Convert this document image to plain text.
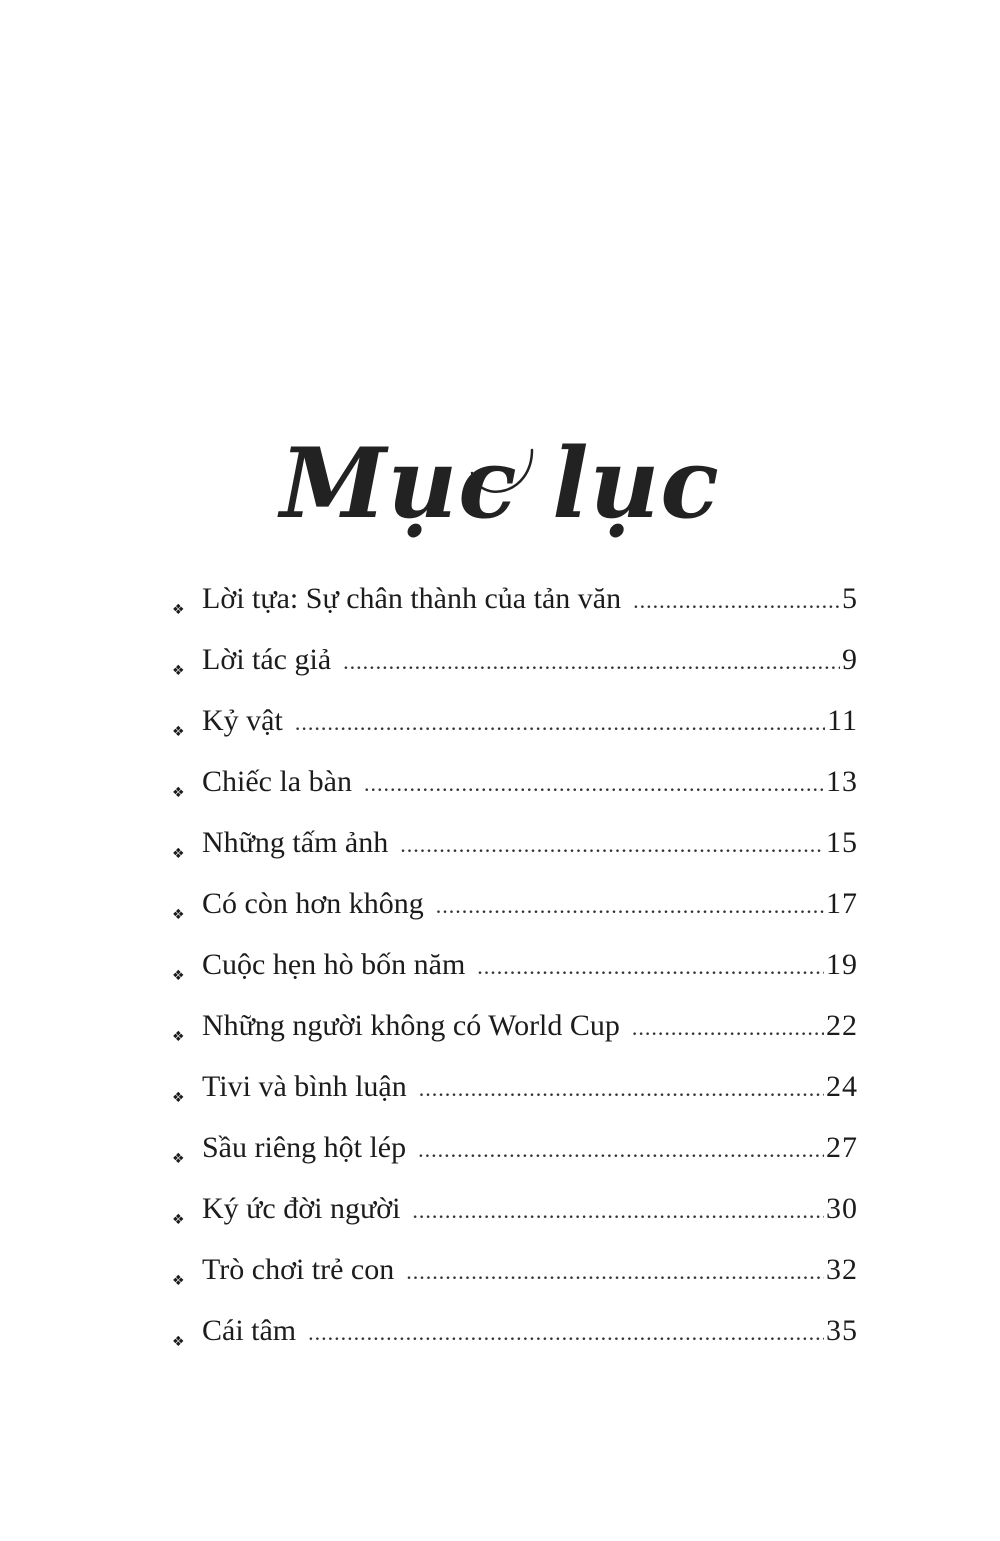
Mục lục
❖ Lời tựa: Sự chân thành của tản văn .....	5
❖ Lời tác giả .....	9
❖ Kỷ vật .....	11
❖ Chiếc la bàn .....	13
❖ Những tấm ảnh .....	15
❖ Có còn hơn không .....	17
❖ Cuộc hẹn hò bốn năm .....	19
❖ Những người không có World Cup .....	22
❖ Tivi và bình luận .....	24
❖ Sầu riêng hột lép .....	27
❖ Ký ức đời người .....	30
❖ Trò chơi trẻ con .....	32
❖ Cái tâm .....	35
